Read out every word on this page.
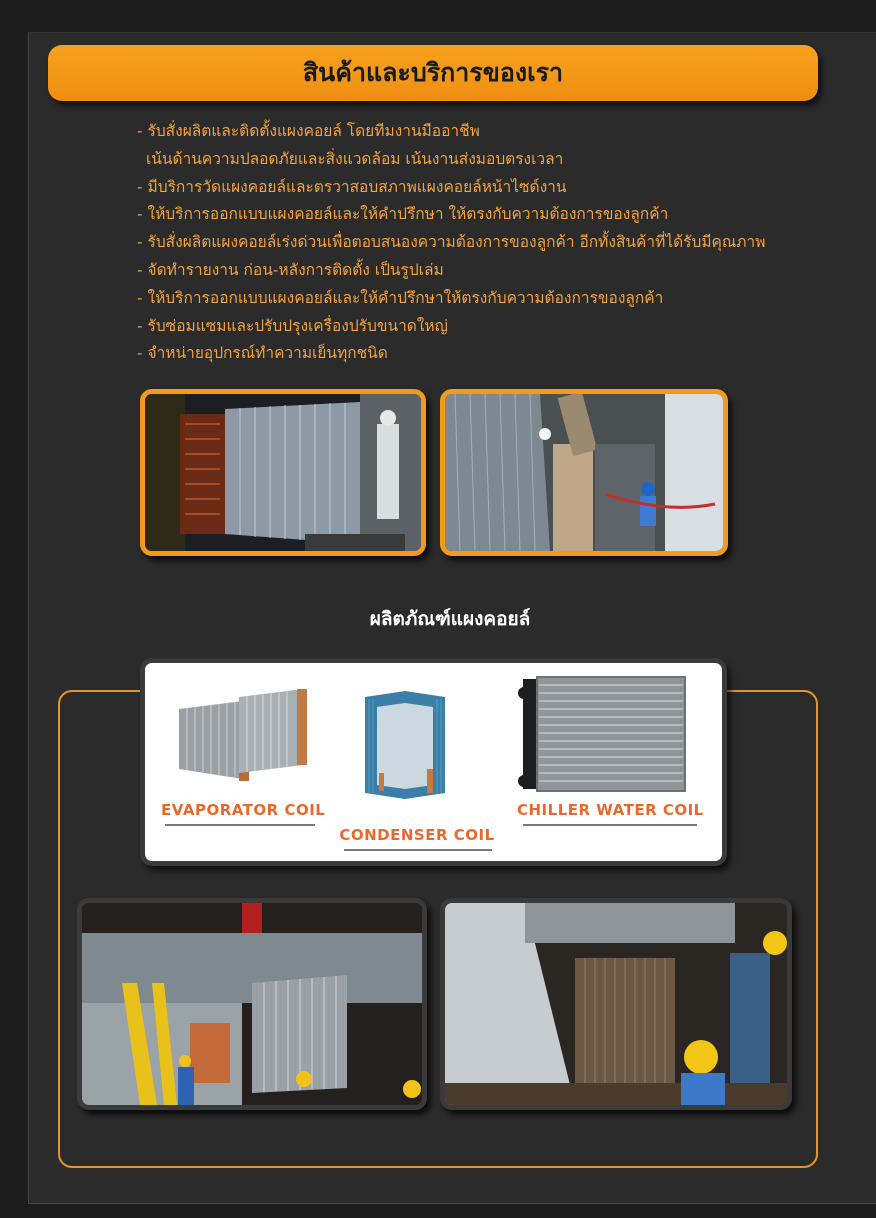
สินค้าและบริการของเรา
- รับสั่งผลิตและติดตั้งแผงคอยล์ โดยทีมงานมืออาชีพ
เน้นด้านความปลอดภัยและสิ่งแวดล้อม เน้นงานส่งมอบตรงเวลา
- มีบริการวัดแผงคอยล์และตรวาสอบสภาพแผงคอยล์หน้าไซด์งาน
- ให้บริการออกแบบแผงคอยล์และให้คำปรึกษา ให้ตรงกับความต้องการของลูกค้า
- รับสั่งผลิตแผงคอยล์เร่งด่วนเพื่อตอบสนองความต้องการของลูกค้า อีกทั้งสินค้าที่ได้รับมีคุณภาพ
- จัดทำรายงาน ก่อน-หลังการติดตั้ง เป็นรูปเล่ม
- ให้บริการออกแบบแผงคอยล์และให้คำปรึกษาให้ตรงกับความต้องการของลูกค้า
- รับซ่อมแซมและปรับปรุงเครื่องปรับขนาดใหญ่
- จำหน่ายอุปกรณ์ทำความเย็นทุกชนิด
ผลิตภัณฑ์แผงคอยล์
EVAPORATOR COIL
CONDENSER COIL
CHILLER WATER COIL
